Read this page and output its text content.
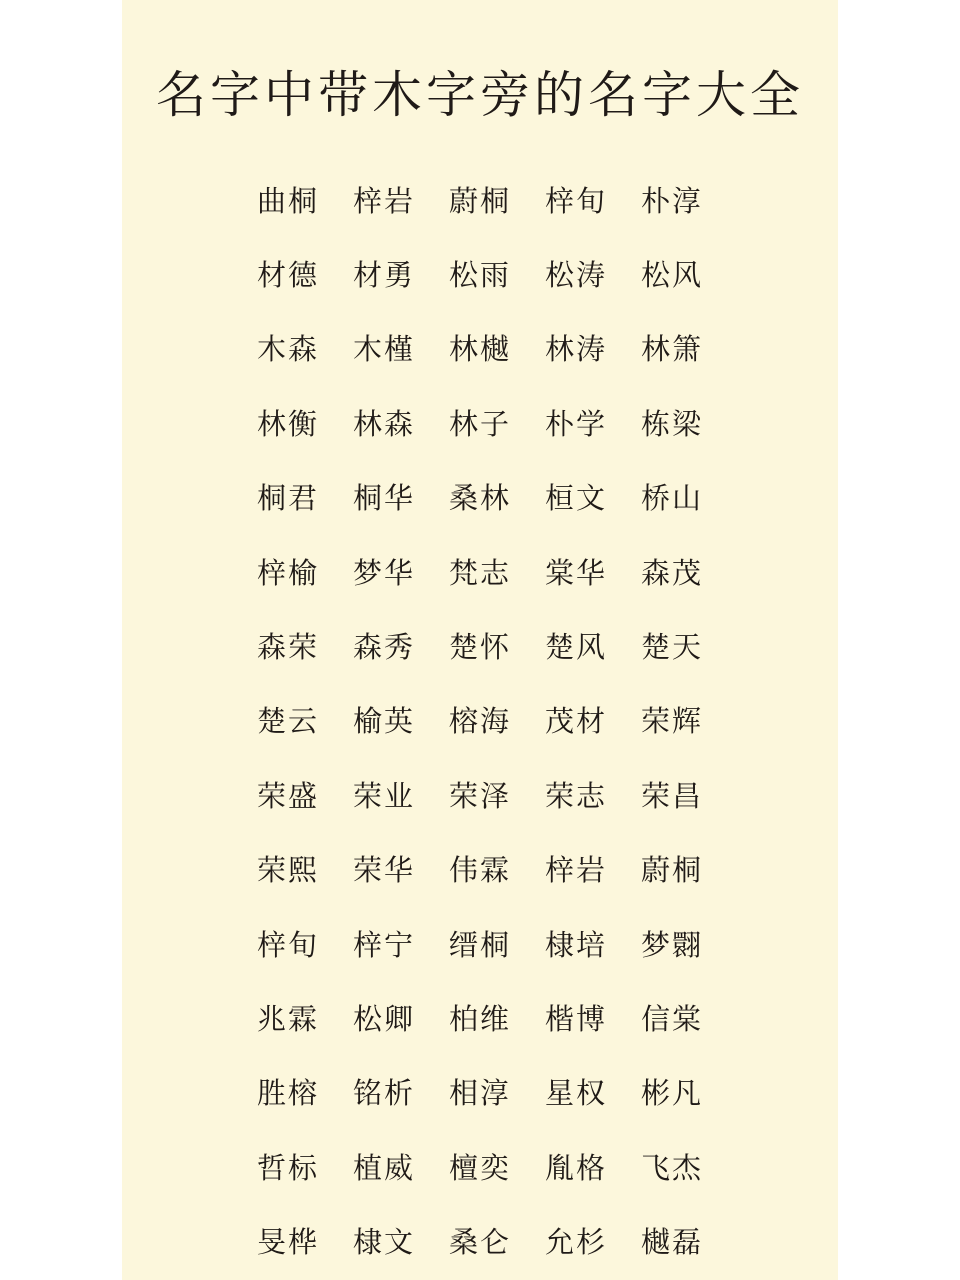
名字中带木字旁的名字大全
曲桐	梓岩	蔚桐	梓旬	朴淳
材德	材勇	松雨	松涛	松风
木森	木槿	林樾	林涛	林箫
林衡	林森	林子	朴学	栋梁
桐君	桐华	桑林	桓文	桥山
梓榆	梦华	梵志	棠华	森茂
森荣	森秀	楚怀	楚风	楚天
楚云	榆英	榕海	茂材	荣辉
荣盛	荣业	荣泽	荣志	荣昌
荣熙	荣华	伟霖	梓岩	蔚桐
梓旬	梓宁	缙桐	棣培	梦翾
兆霖	松卿	柏维	楷博	信棠
胜榕	铭析	相淳	星权	彬凡
哲标	植威	檀奕	胤格	飞杰
旻桦	棣文	桑仑	允杉	樾磊
